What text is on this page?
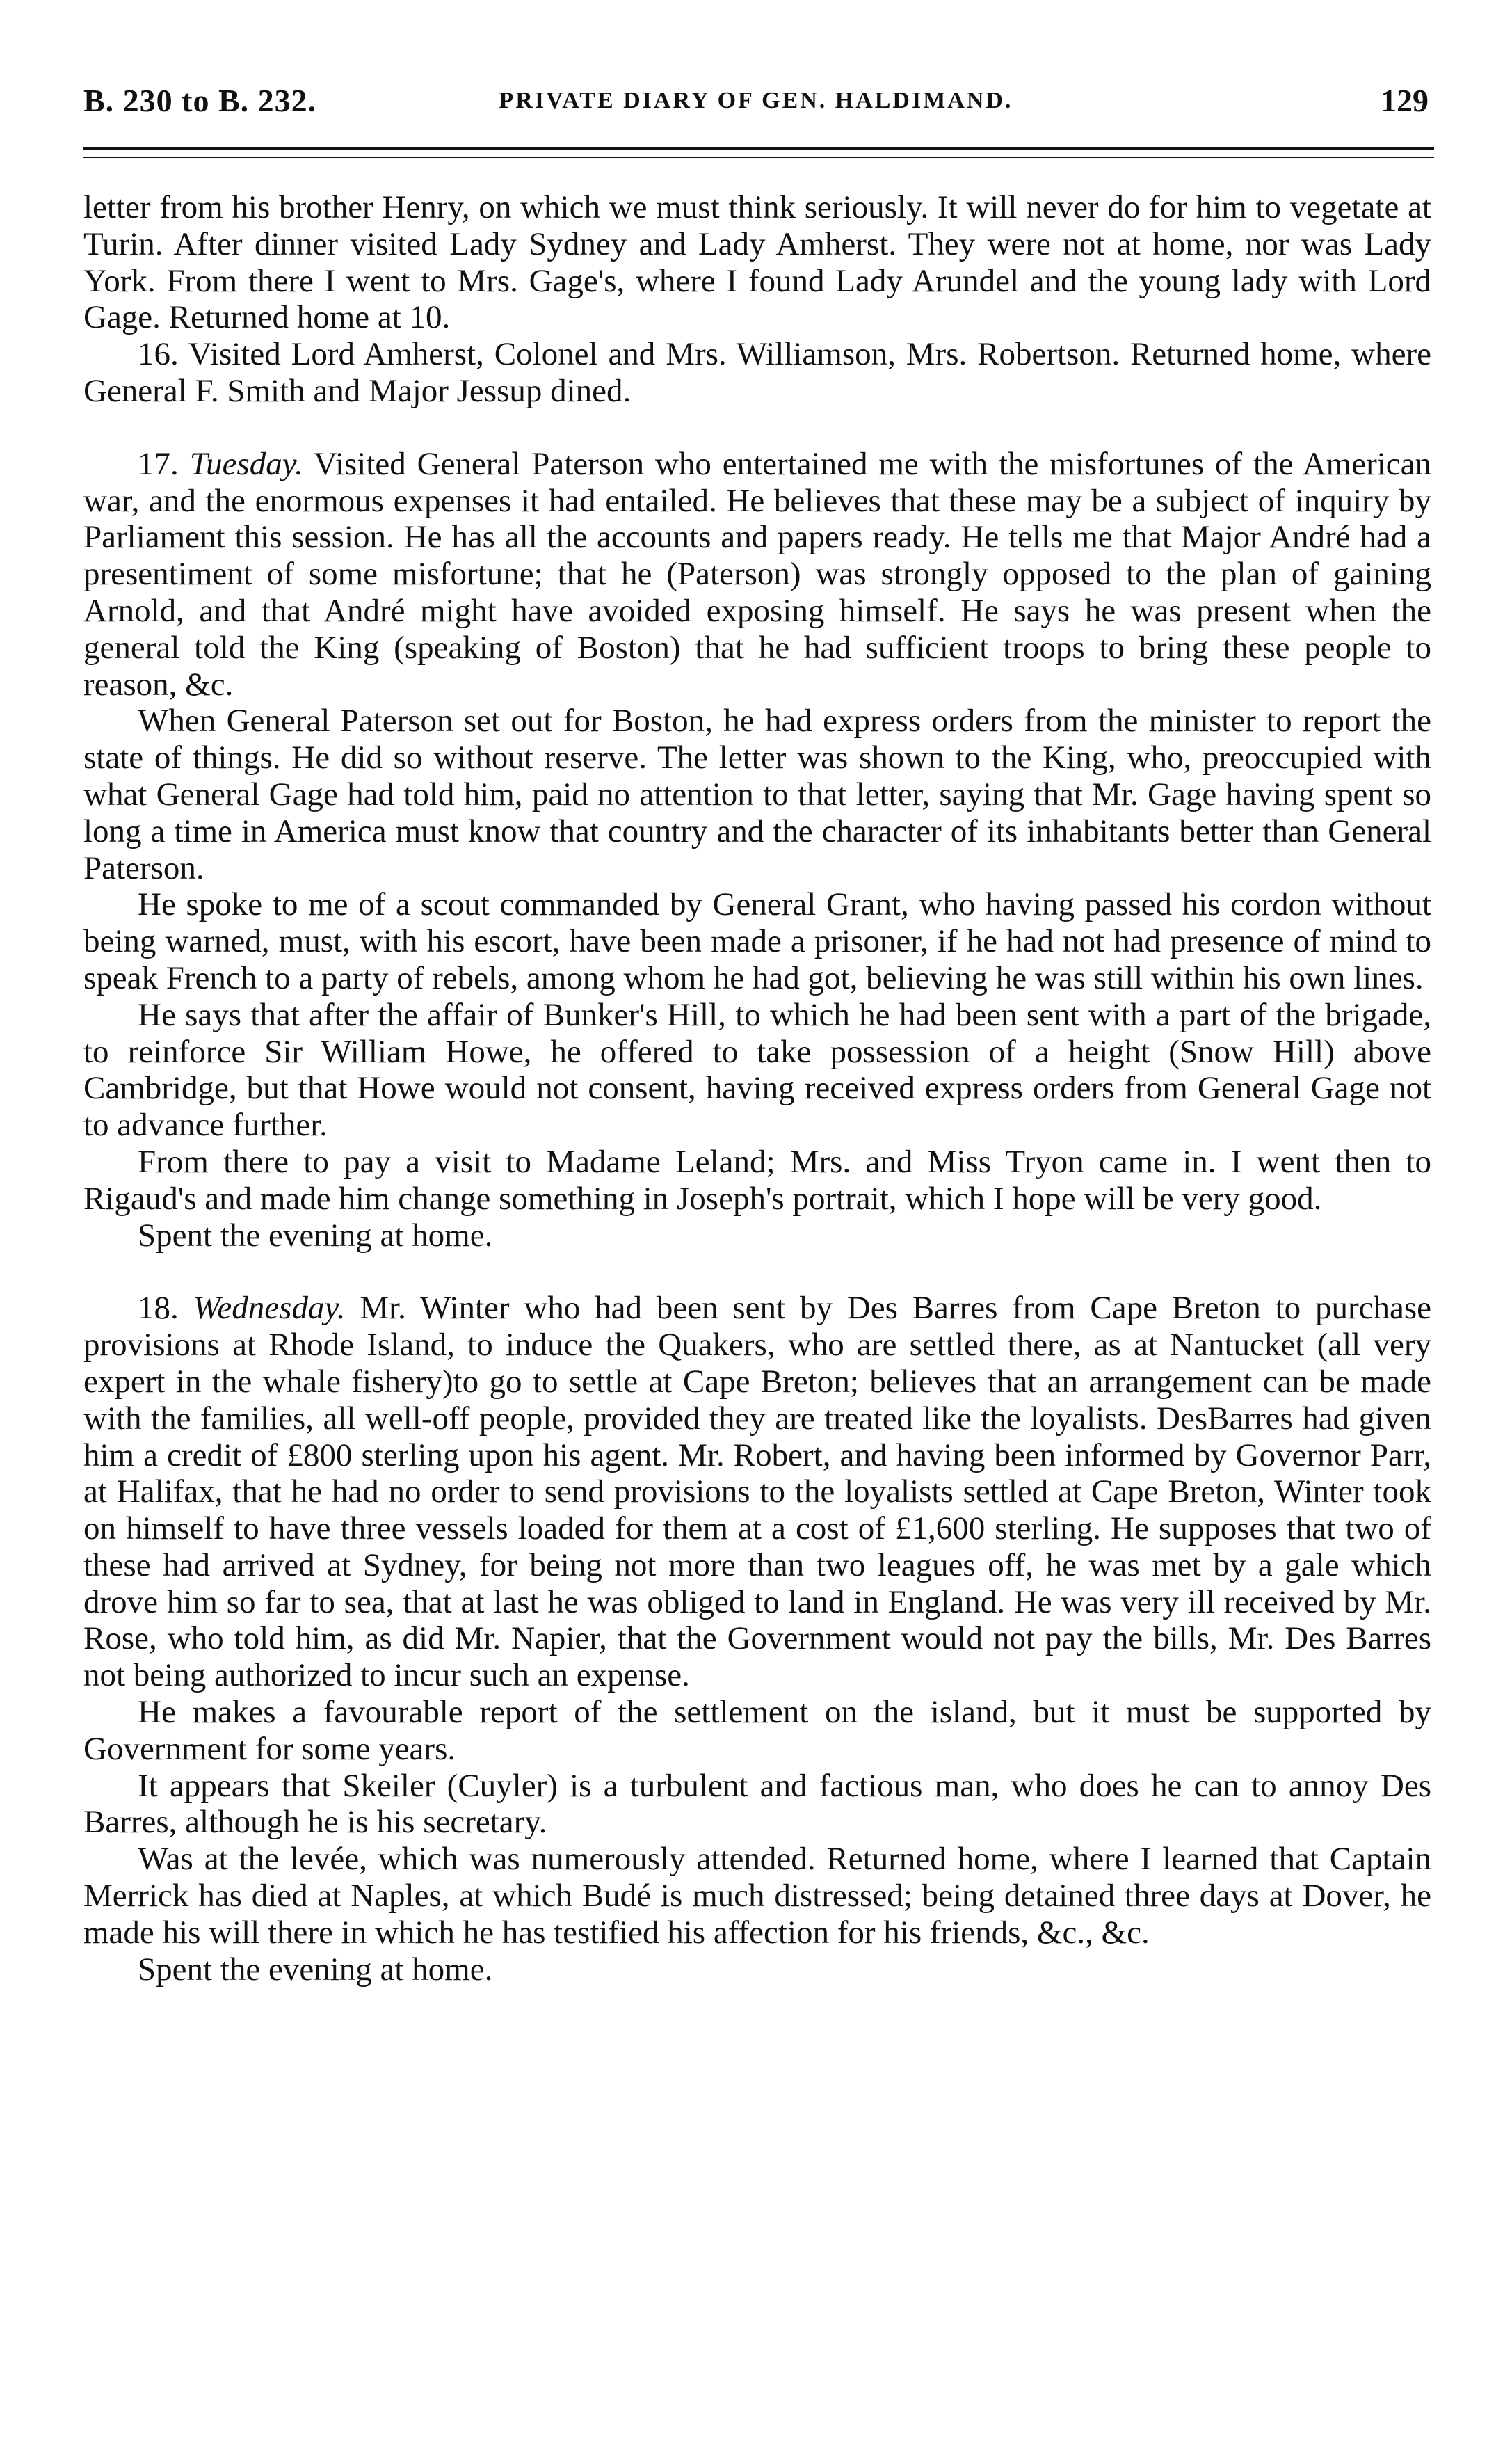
B. 230 to B. 232.	PRIVATE DIARY OF GEN. HALDIMAND.	129

letter from his brother Henry, on which we must think seriously. It will never do for him to vegetate at Turin. After dinner visited Lady Sydney and Lady Amherst. They were not at home, nor was Lady York. From there I went to Mrs. Gage's, where I found Lady Arundel and the young lady with Lord Gage. Returned home at 10.

16. Visited Lord Amherst, Colonel and Mrs. Williamson, Mrs. Robertson. Returned home, where General F. Smith and Major Jessup dined.

17. Tuesday. Visited General Paterson who entertained me with the misfortunes of the American war, and the enormous expenses it had entailed. He believes that these may be a subject of inquiry by Parliament this session. He has all the accounts and papers ready. He tells me that Major André had a presentiment of some misfortune; that he (Paterson) was strongly opposed to the plan of gaining Arnold, and that André might have avoided exposing himself. He says he was present when the general told the King (speaking of Boston) that he had sufficient troops to bring these people to reason, &c.

When General Paterson set out for Boston, he had express orders from the minister to report the state of things. He did so without reserve. The letter was shown to the King, who, preoccupied with what General Gage had told him, paid no attention to that letter, saying that Mr. Gage having spent so long a time in America must know that country and the character of its inhabitants better than General Paterson.

He spoke to me of a scout commanded by General Grant, who having passed his cordon without being warned, must, with his escort, have been made a prisoner, if he had not had presence of mind to speak French to a party of rebels, among whom he had got, believing he was still within his own lines.

He says that after the affair of Bunker's Hill, to which he had been sent with a part of the brigade, to reinforce Sir William Howe, he offered to take possession of a height (Snow Hill) above Cambridge, but that Howe would not consent, having received express orders from General Gage not to advance further.

From there to pay a visit to Madame Leland; Mrs. and Miss Tryon came in. I went then to Rigaud's and made him change something in Joseph's portrait, which I hope will be very good.

Spent the evening at home.

18. Wednesday. Mr. Winter who had been sent by Des Barres from Cape Breton to purchase provisions at Rhode Island, to induce the Quakers, who are settled there, as at Nantucket (all very expert in the whale fishery)to go to settle at Cape Breton; believes that an arrangement can be made with the families, all well-off people, provided they are treated like the loyalists. DesBarres had given him a credit of £800 sterling upon his agent. Mr. Robert, and having been informed by Governor Parr, at Halifax, that he had no order to send provisions to the loyalists settled at Cape Breton, Winter took on himself to have three vessels loaded for them at a cost of £1,600 sterling. He supposes that two of these had arrived at Sydney, for being not more than two leagues off, he was met by a gale which drove him so far to sea, that at last he was obliged to land in England. He was very ill received by Mr. Rose, who told him, as did Mr. Napier, that the Government would not pay the bills, Mr. Des Barres not being authorized to incur such an expense.

He makes a favourable report of the settlement on the island, but it must be supported by Government for some years.

It appears that Skeiler (Cuyler) is a turbulent and factious man, who does he can to annoy Des Barres, although he is his secretary.

Was at the levée, which was numerously attended. Returned home, where I learned that Captain Merrick has died at Naples, at which Budé is much distressed; being detained three days at Dover, he made his will there in which he has testified his affection for his friends, &c., &c.

Spent the evening at home.
